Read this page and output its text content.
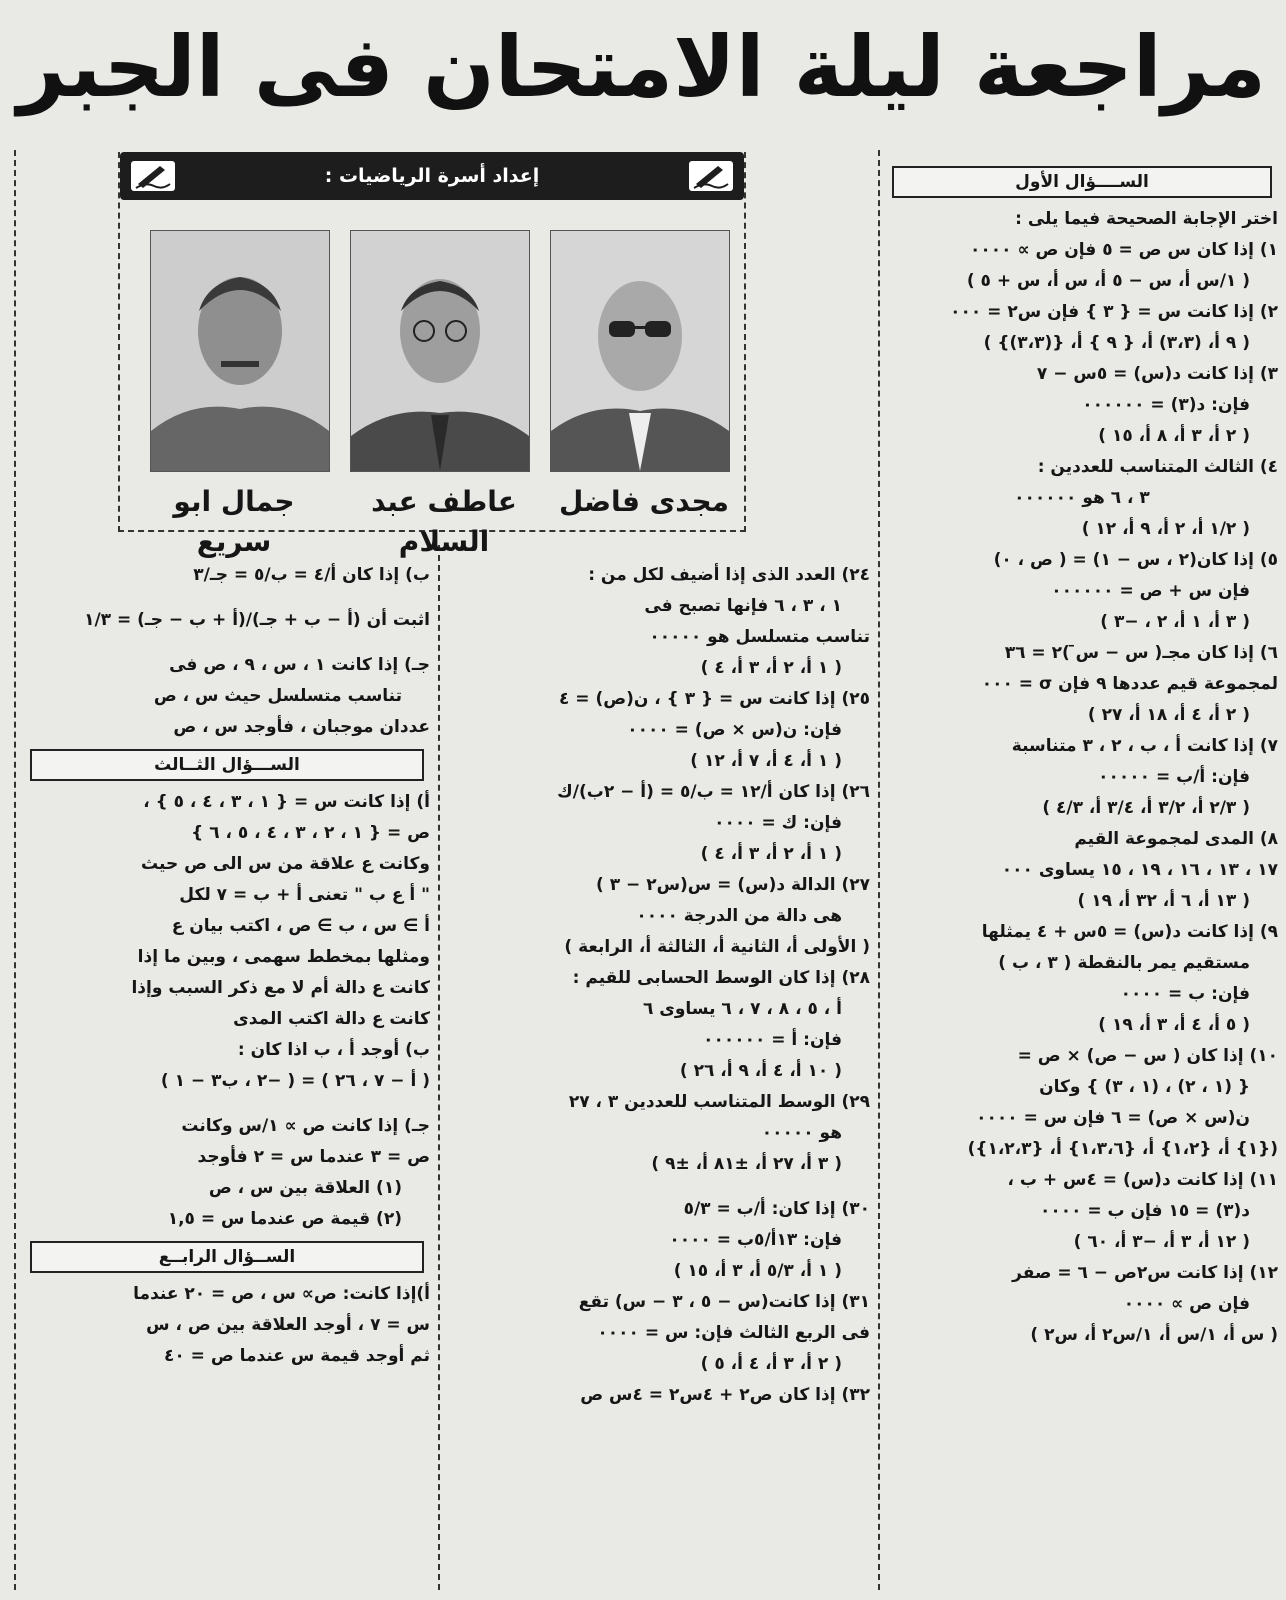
مراجعة ليلة الامتحان فى الجبر
الســــؤال الأول
اختر الإجابة الصحيحة فيما يلى :
١) إذا كان س ص = ٥ فإن ص ∝ ٠٠٠٠
( ١/س أ، س − ٥ أ، س أ، س + ٥ )
٢) إذا كانت س = { ٣ } فإن س٢ = ٠٠٠
( ٩ أ، (٣،٣) أ، { ٩ } أ، {(٣،٣)} )
٣) إذا كانت د(س) = ٥س − ٧
فإن: د(٣) = ٠٠٠٠٠٠
( ٢ أ، ٣ أ، ٨ أ، ١٥ )
٤) الثالث المتناسب للعددين :
٣ ، ٦ هو ٠٠٠٠٠٠
( ١/٢ أ، ٢ أ، ٩ أ، ١٢ )
٥) إذا كان(٢ ، س − ١) = ( ص ، ٠)
فإن س + ص = ٠٠٠٠٠٠
( ٣ أ، ١ أ، ٢ ، −٣ )
٦) إذا كان مجـ( س − س̄ )٢ = ٣٦
لمجموعة قيم عددها ٩ فإن σ = ٠٠٠
( ٢ أ، ٤ أ، ١٨ أ، ٢٧ )
٧) إذا كانت أ ، ب ، ٢ ، ٣ متناسبة
فإن: أ/ب = ٠٠٠٠٠
( ٢/٣ أ، ٣/٢ أ، ٣/٤ أ، ٤/٣ )
٨) المدى لمجموعة القيم
١٧ ، ١٣ ، ١٦ ، ١٩ ، ١٥ يساوى ٠٠٠
( ١٣ أ، ٦ أ، ٣٢ أ، ١٩ )
٩) إذا كانت د(س) = ٥س + ٤ يمثلها
مستقيم يمر بالنقطة ( ٣ ، ب )
فإن: ب = ٠٠٠٠
( ٥ أ، ٤ أ، ٣ أ، ١٩ )
١٠) إذا كان ( س − ص) × ص =
{ (١ ، ٢) ، (١ ، ٣) } وكان
ن(س × ص) = ٦ فإن س = ٠٠٠٠
({١} أ، {١،٢} أ، {١،٣،٦} أ، {١،٢،٣})
١١) إذا كانت د(س) = ٤س + ب ،
د(٣) = ١٥ فإن ب = ٠٠٠٠
( ١٢ أ، ٣ أ، −٣ أ، ٦٠ )
١٢) إذا كانت س٢ص − ٦ = صفر
فإن ص ∝ ٠٠٠٠
( س أ، ١/س أ، ١/س٢ أ، س٢ )
إعداد أسرة الرياضيات :
مجدى فاضل
عاطف عبد السلام
جمال ابو سريع
٢٤) العدد الذى إذا أضيف لكل من :
١ ، ٣ ، ٦ فإنها تصبح فى
تناسب متسلسل هو ٠٠٠٠٠
( ١ أ، ٢ أ، ٣ أ، ٤ )
٢٥) إذا كانت س = { ٣ } ، ن(ص) = ٤
فإن: ن(س × ص) = ٠٠٠٠
( ١ أ، ٤ أ، ٧ أ، ١٢ )
٢٦) إذا كان أ/١٢ = ب/٥ = (أ − ٢ب)/ك
فإن: ك = ٠٠٠٠
( ١ أ، ٢ أ، ٣ أ، ٤ )
٢٧) الدالة د(س) = س(س٢ − ٣ )
هى دالة من الدرجة ٠٠٠٠
( الأولى أ، الثانية أ، الثالثة أ، الرابعة )
٢٨) إذا كان الوسط الحسابى للقيم :
أ ، ٥ ، ٨ ، ٧ ، ٦ يساوى ٦
فإن: أ = ٠٠٠٠٠٠
( ١٠ أ، ٤ أ، ٩ أ، ٢٦ )
٢٩) الوسط المتناسب للعددين ٣ ، ٢٧
هو ٠٠٠٠٠
( ٣ أ، ٢٧ أ، ±٨١ أ، ±٩ )
٣٠) إذا كان: أ/ب = ٥/٣
فإن: ١٣أ/٥ب = ٠٠٠٠
( ١ أ، ٥/٣ أ، ٣ أ، ١٥ )
٣١) إذا كانت(س − ٥ ، ٣ − س) تقع
فى الربع الثالث فإن: س = ٠٠٠٠
( ٢ أ، ٣ أ، ٤ أ، ٥ )
٣٢) إذا كان ص٢ + ٤س٢ = ٤س ص
ب) إذا كان أ/٤ = ب/٥ = جـ/٣
اثبت أن (أ − ب + جـ)/(أ + ب − جـ) = ١/٣
جـ) إذا كانت ١ ، س ، ٩ ، ص فى
تناسب متسلسل حيث س ، ص
عددان موجبان ، فأوجد س ، ص
الســـؤال الثــالث
أ) إذا كانت س = { ١ ، ٣ ، ٤ ، ٥ } ،
ص = { ١ ، ٢ ، ٣ ، ٤ ، ٥ ، ٦ }
وكانت ع علاقة من س الى ص حيث
" أ ع ب " تعنى أ + ب = ٧ لكل
أ ∋ س ، ب ∋ ص ، اكتب بيان ع
ومثلها بمخطط سهمى ، وبين ما إذا
كانت ع دالة أم لا مع ذكر السبب وإذا
كانت ع دالة اكتب المدى
ب) أوجد أ ، ب اذا كان :
( أ − ٧ ، ٢٦ ) = ( −٢ ، ب٣ − ١ )
جـ) إذا كانت ص ∝ ١/س وكانت
ص = ٣ عندما س = ٢ فأوجد
(١) العلاقة بين س ، ص
(٢) قيمة ص عندما س = ١,٥
الســؤال الرابــع
أ)إذا كانت: ص∝ س ، ص = ٢٠ عندما
س = ٧ ، أوجد العلاقة بين ص ، س
ثم أوجد قيمة س عندما ص = ٤٠
